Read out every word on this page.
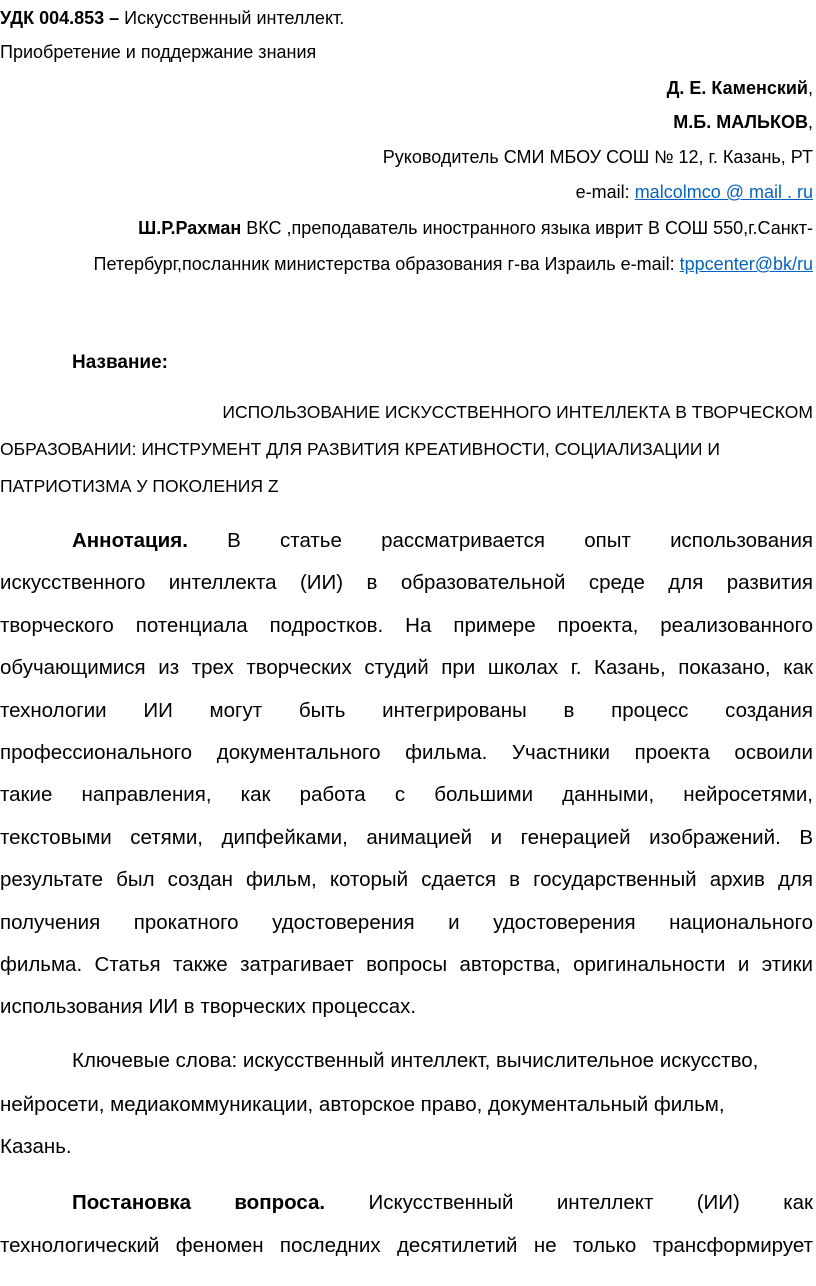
УДК 004.853 – Искусственный интеллект.
Приобретение и поддержание знания
Д. Е. Каменский,
М.Б. МАЛЬКОВ,
Руководитель СМИ МБОУ СОШ № 12, г. Казань, РТ
e-mail: malcolmco @ mail . ru
Ш.Р.Рахман ВКС ,преподаватель иностранного языка иврит В СОШ 550,г.Санкт-
Петербург,посланник министерства образования г-ва Израиль e-mail: tppcenter@bk/ru
Название:
ИСПОЛЬЗОВАНИЕ ИСКУССТВЕННОГО ИНТЕЛЛЕКТА В ТВОРЧЕСКОМ
ОБРАЗОВАНИИ: ИНСТРУМЕНТ ДЛЯ РАЗВИТИЯ КРЕАТИВНОСТИ, СОЦИАЛИЗАЦИИ И
ПАТРИОТИЗМА У ПОКОЛЕНИЯ Z
Аннотация. В статье рассматривается опыт использования
искусственного интеллекта (ИИ) в образовательной среде для развития
творческого потенциала подростков. На примере проекта, реализованного
обучающимися из трех творческих студий при школах г. Казань, показано, как
технологии ИИ могут быть интегрированы в процесс создания
профессионального документального фильма. Участники проекта освоили
такие направления, как работа с большими данными, нейросетями,
текстовыми сетями, дипфейками, анимацией и генерацией изображений. В
результате был создан фильм, который сдается в государственный архив для
получения прокатного удостоверения и удостоверения национального
фильма. Статья также затрагивает вопросы авторства, оригинальности и этики
использования ИИ в творческих процессах.
Ключевые слова: искусственный интеллект, вычислительное искусство,
нейросети, медиакоммуникации, авторское право, документальный фильм,
Казань.
Постановка вопроса. Искусственный интеллект (ИИ) как
технологический феномен последних десятилетий не только трансформирует
